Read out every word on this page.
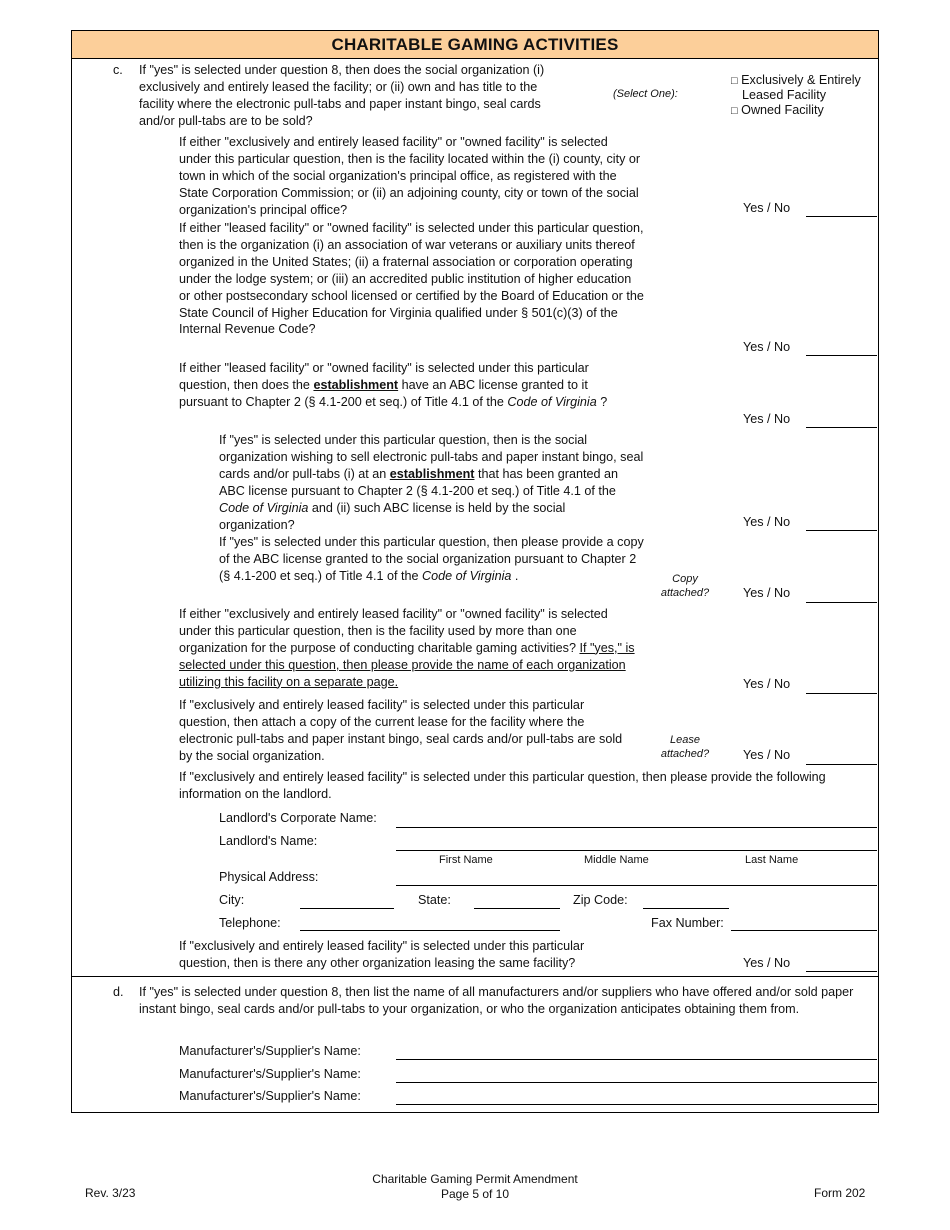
CHARITABLE GAMING ACTIVITIES
c. If "yes" is selected under question 8, then does the social organization (i) exclusively and entirely leased the facility; or (ii) own and has title to the facility where the electronic pull-tabs and paper instant bingo, seal cards and/or pull-tabs are to be sold?
(Select One):
□ Exclusively & Entirely
Leased Facility
□ Owned Facility
If either "exclusively and entirely leased facility" or "owned facility" is selected under this particular question, then is the facility located within the (i) county, city or town in which of the social organization's principal office, as registered with the State Corporation Commission; or (ii) an adjoining county, city or town of the social organization's principal office?	Yes / No
If either "leased facility" or "owned facility" is selected under this particular question, then is the organization (i) an association of war veterans or auxiliary units thereof organized in the United States; (ii) a fraternal association or corporation operating under the lodge system; or (iii) an accredited public institution of higher education or other postsecondary school licensed or certified by the Board of Education or the State Council of Higher Education for Virginia qualified under § 501(c)(3) of the Internal Revenue Code?
Yes / No
If either "leased facility" or "owned facility" is selected under this particular question, then does the establishment have an ABC license granted to it pursuant to Chapter 2 (§ 4.1-200 et seq.) of Title 4.1 of the Code of Virginia ?
Yes / No
If "yes" is selected under this particular question, then is the social organization wishing to sell electronic pull-tabs and paper instant bingo, seal cards and/or pull-tabs (i) at an establishment that has been granted an ABC license pursuant to Chapter 2 (§ 4.1-200 et seq.) of Title 4.1 of the Code of Virginia and (ii) such ABC license is held by the social organization?	Yes / No
If "yes" is selected under this particular question, then please provide a copy of the ABC license granted to the social organization pursuant to Chapter 2 (§ 4.1-200 et seq.) of Title 4.1 of the Code of Virginia .	Copy
attached?	Yes / No
If either "exclusively and entirely leased facility" or "owned facility" is selected under this particular question, then is the facility used by more than one organization for the purpose of conducting charitable gaming activities? If "yes," is selected under this question, then please provide the name of each organization utilizing this facility on a separate page.	Yes / No
If "exclusively and entirely leased facility" is selected under this particular question, then attach a copy of the current lease for the facility where the electronic pull-tabs and paper instant bingo, seal cards and/or pull-tabs are sold by the social organization.
Lease
attached?	Yes / No
If "exclusively and entirely leased facility" is selected under this particular question, then please provide the following information on the landlord.
Landlord's Corporate Name:
Landlord's Name:
First Name	Middle Name	Last Name
Physical Address:
City:	State:	Zip Code:
Telephone:	Fax Number:
If "exclusively and entirely leased facility" is selected under this particular question, then is there any other organization leasing the same facility?	Yes / No
d. If "yes" is selected under question 8, then list the name of all manufacturers and/or suppliers who have offered and/or sold paper instant bingo, seal cards and/or pull-tabs to your organization, or who the organization anticipates obtaining them from.
Manufacturer's/Supplier's Name:
Manufacturer's/Supplier's Name:
Manufacturer's/Supplier's Name:
Rev. 3/23
Charitable Gaming Permit Amendment
Page 5 of 10	Form 202
